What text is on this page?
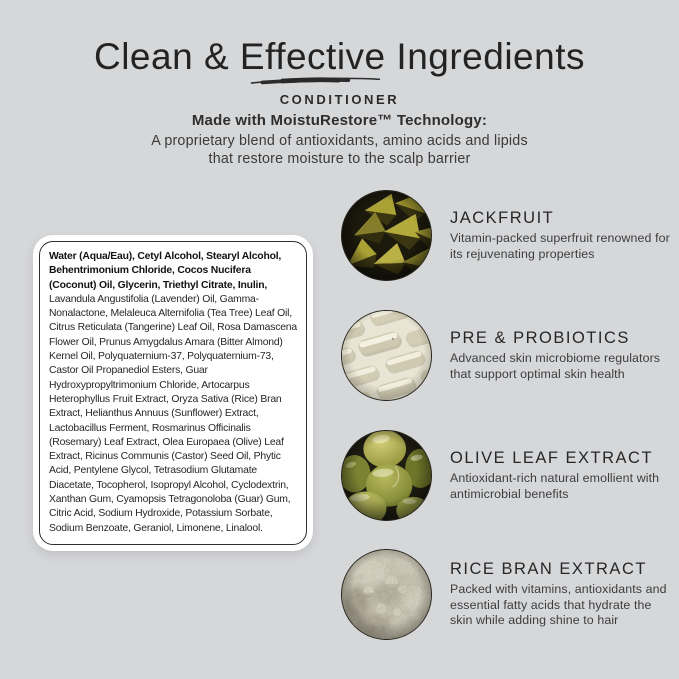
Clean & Effective
Ingredients
CONDITIONER
Made with MoistuRestore™ Technology:
A proprietary blend of antioxidants, amino acids and lipids
that restore moisture to the scalp barrier

Water (Aqua/Eau), Cetyl Alcohol, Stearyl Alcohol, Behentrimonium Chloride, Cocos Nucifera (Coconut) Oil, Glycerin, Triethyl Citrate, Inulin, Lavandula Angustifolia (Lavender) Oil, Gamma-Nonalactone, Melaleuca Alternifolia (Tea Tree) Leaf Oil, Citrus Reticulata (Tangerine) Leaf Oil, Rosa Damascena Flower Oil, Prunus Amygdalus Amara (Bitter Almond) Kernel Oil, Polyquaternium-37, Polyquaternium-73, Castor Oil Propanediol Esters, Guar Hydroxypropyltrimonium Chloride, Artocarpus Heterophyllus Fruit Extract, Oryza Sativa (Rice) Bran Extract, Helianthus Annuus (Sunflower) Extract, Lactobacillus Ferment, Rosmarinus Officinalis (Rosemary) Leaf Extract, Olea Europaea (Olive) Leaf Extract, Ricinus Communis (Castor) Seed Oil, Phytic Acid, Pentylene Glycol, Tetrasodium Glutamate Diacetate, Tocopherol, Isopropyl Alcohol, Cyclodextrin, Xanthan Gum, Cyamopsis Tetragonoloba (Guar) Gum, Citric Acid, Sodium Hydroxide, Potassium Sorbate, Sodium Benzoate, Geraniol, Limonene, Linalool.

JACKFRUIT

Vitamin-packed superfruit renowned for its rejuvenating properties

PRE & PROBIOTICS

Advanced skin microbiome regulators that support optimal skin health

OLIVE LEAF EXTRACT

Antioxidant-rich natural emollient with antimicrobial benefits

RICE BRAN EXTRACT

Packed with vitamins, antioxidants and essential fatty acids that hydrate the skin while adding shine to hair
